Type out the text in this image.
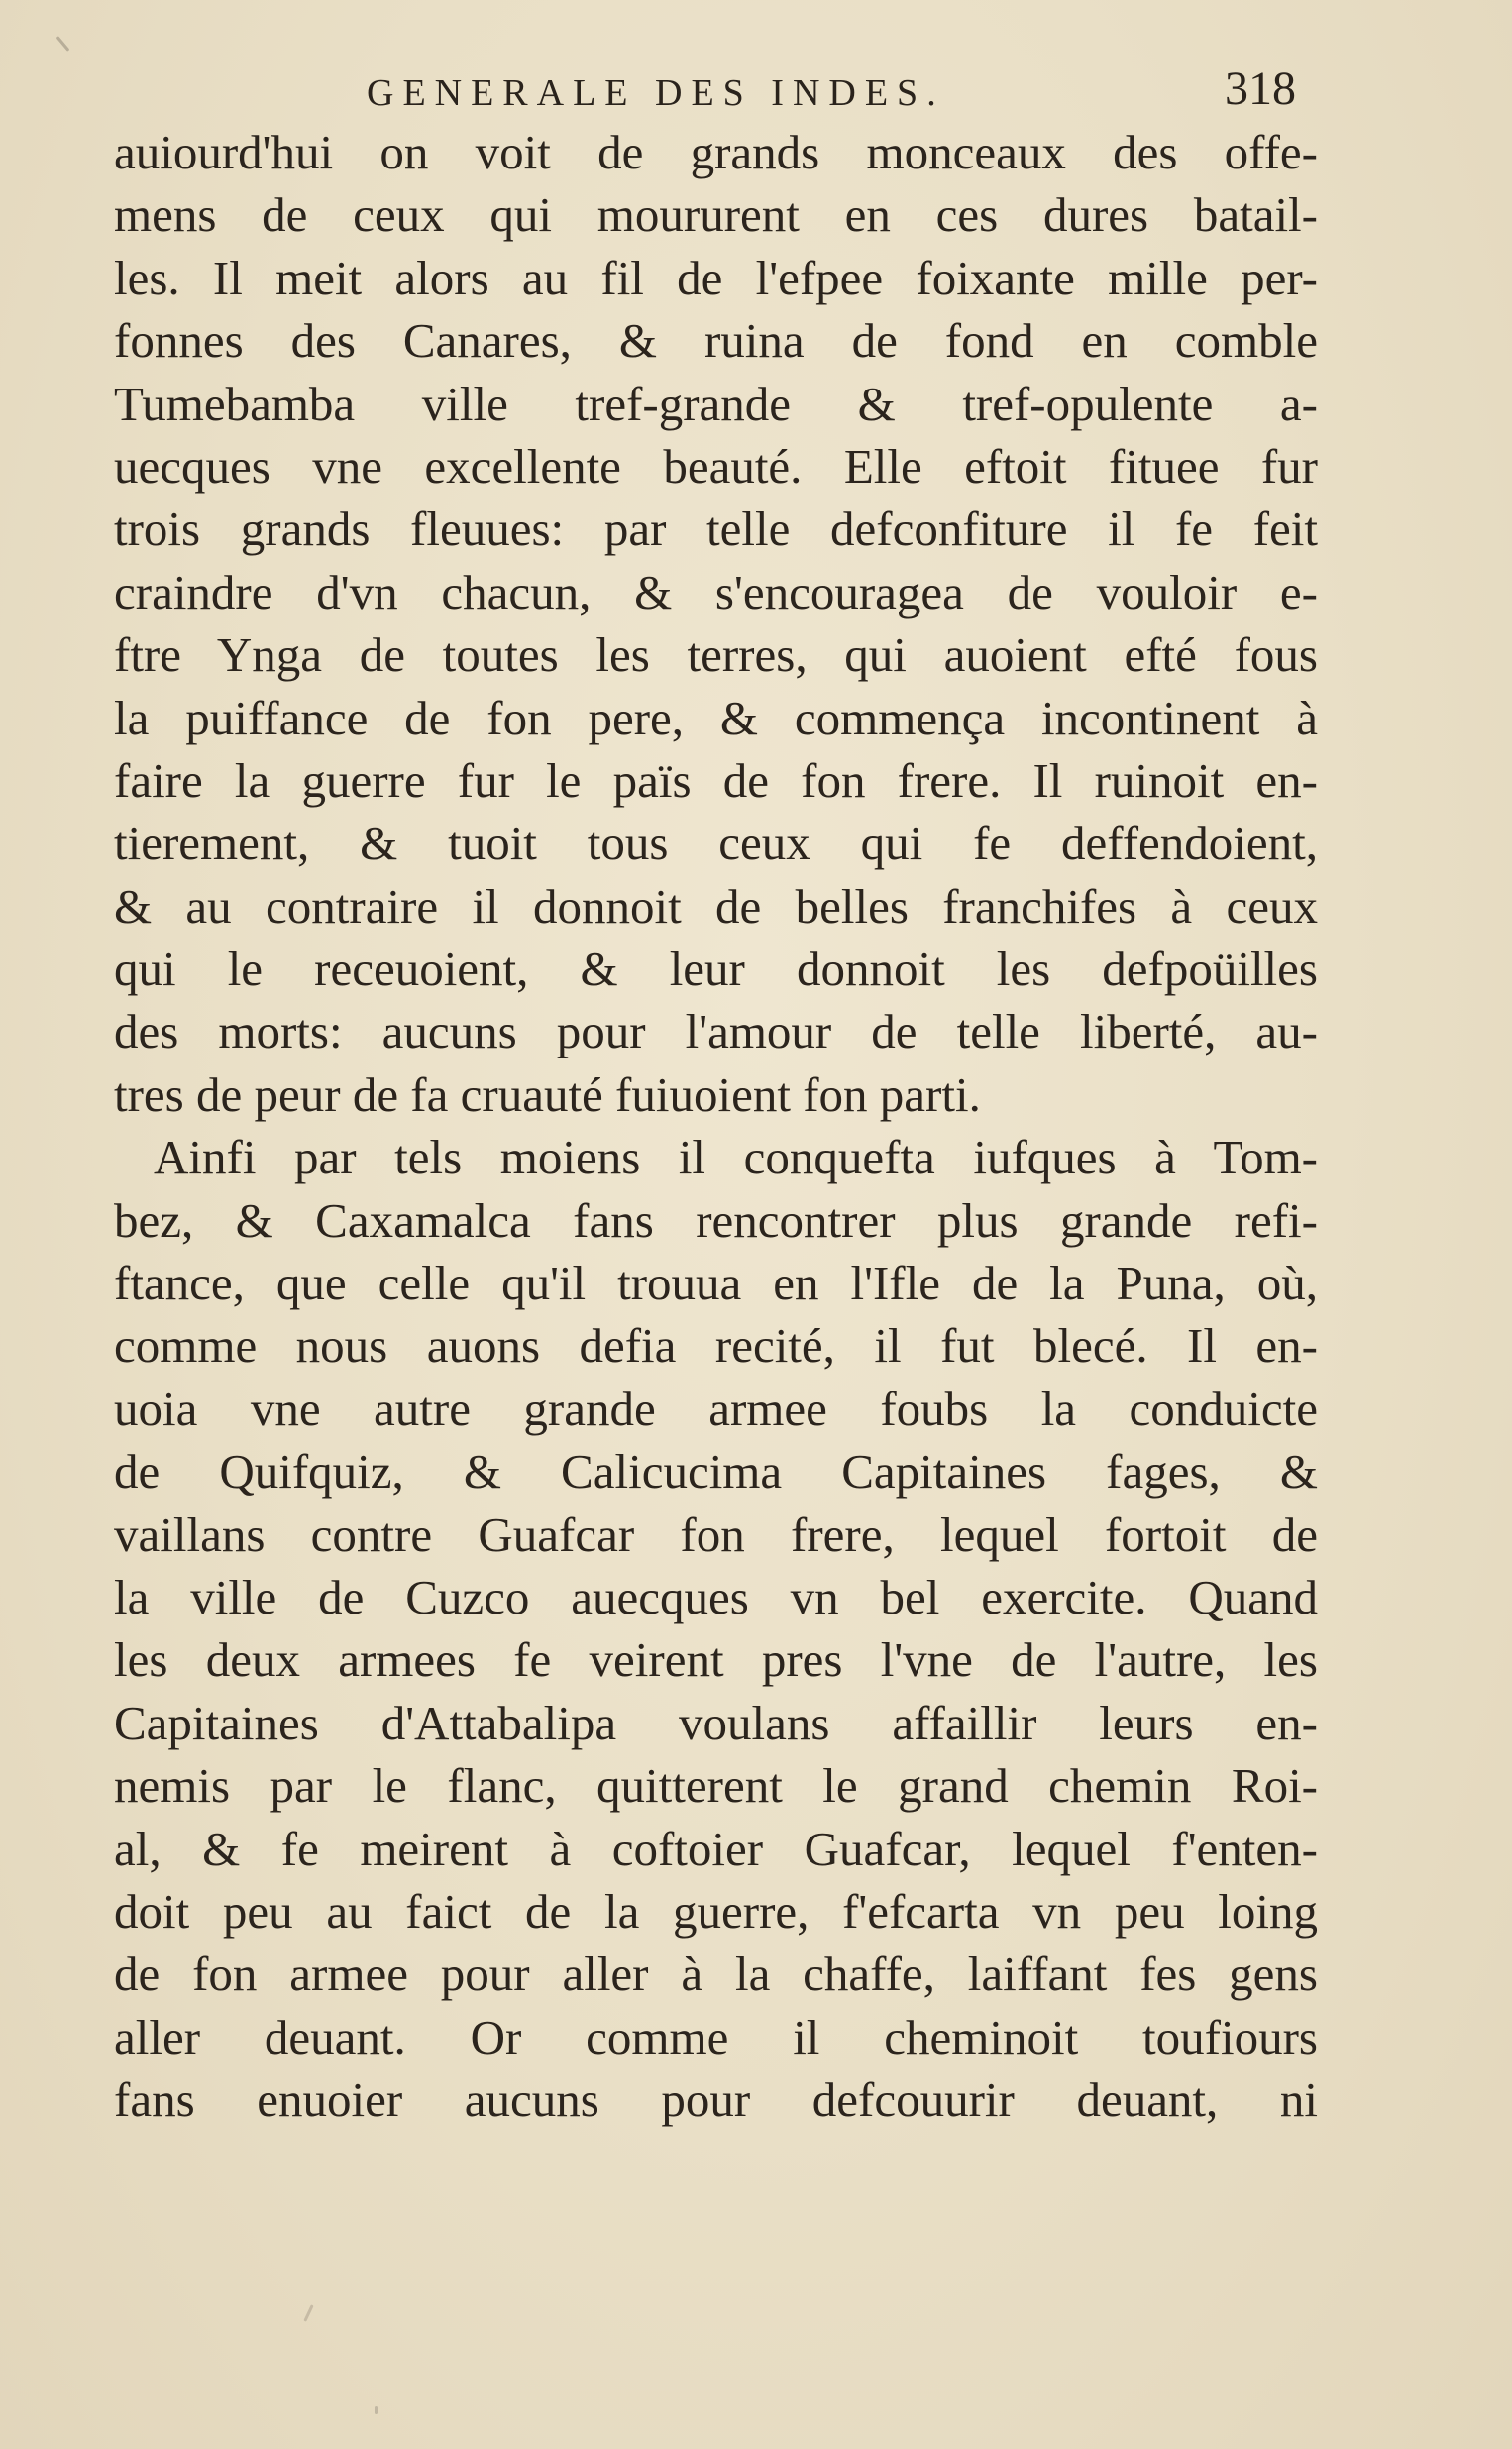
GENERALE DES INDES.	318
auiourd'hui on voit de grands monceaux des offe-
mens de ceux qui moururent en ces dures batail-
les. Il meit alors au fil de l'efpee foixante mille per-
fonnes des Canares, & ruina de fond en comble
Tumebamba ville tref-grande & tref-opulente a-
uecques vne excellente beauté. Elle eftoit fituee fur
trois grands fleuues: par telle defconfiture il fe feit
craindre d'vn chacun, & s'encouragea de vouloir e-
ftre Ynga de toutes les terres, qui auoient efté fous
la puiffance de fon pere, & commença incontinent à
faire la guerre fur le païs de fon frere. Il ruinoit en-
tierement, & tuoit tous ceux qui fe deffendoient,
& au contraire il donnoit de belles franchifes à ceux
qui le receuoient, & leur donnoit les defpoüilles
des morts: aucuns pour l'amour de telle liberté, au-
tres de peur de fa cruauté fuiuoient fon parti.
Ainfi par tels moiens il conquefta iufques à Tom-
bez, & Caxamalca fans rencontrer plus grande refi-
ftance, que celle qu'il trouua en l'Ifle de la Puna, où,
comme nous auons defia recité, il fut blecé. Il en-
uoia vne autre grande armee foubs la conduicte
de Quifquiz, & Calicucima Capitaines fages, &
vaillans contre Guafcar fon frere, lequel fortoit de
la ville de Cuzco auecques vn bel exercite. Quand
les deux armees fe veirent pres l'vne de l'autre, les
Capitaines d'Attabalipa voulans affaillir leurs en-
nemis par le flanc, quitterent le grand chemin Roi-
al, & fe meirent à coftoier Guafcar, lequel f'enten-
doit peu au faict de la guerre, f'efcarta vn peu loing
de fon armee pour aller à la chaffe, laiffant fes gens
aller deuant. Or comme il cheminoit toufiours
fans enuoier aucuns pour defcouurir deuant, ni
